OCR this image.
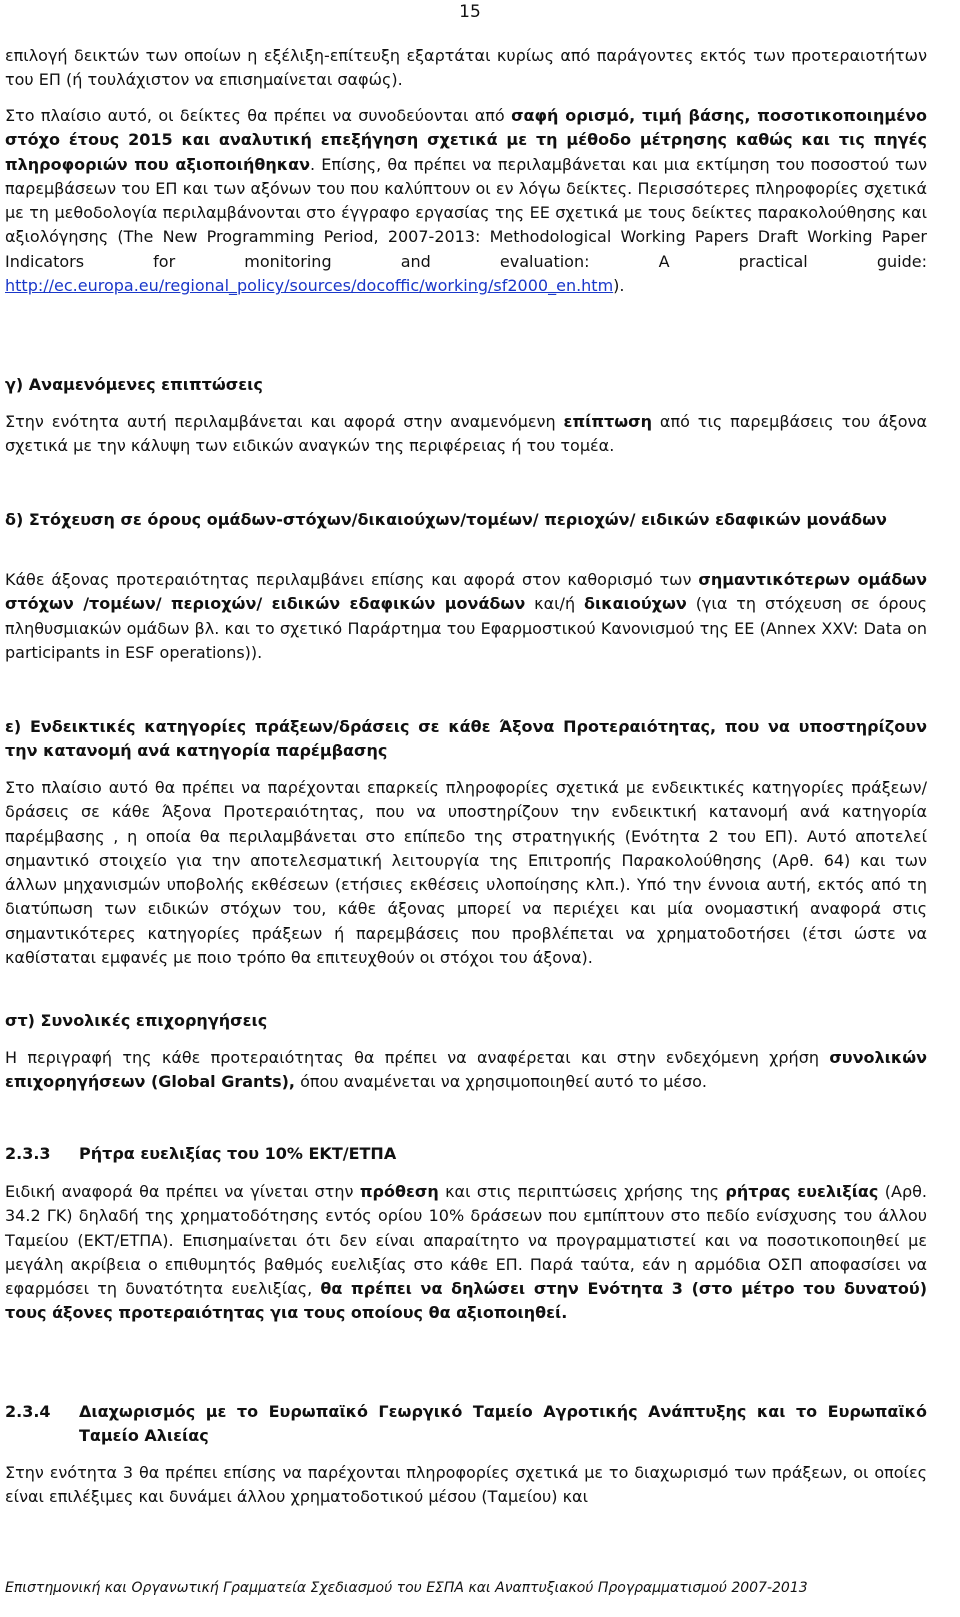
15

επιλογή δεικτών των οποίων η εξέλιξη-επίτευξη εξαρτάται κυρίως από παράγοντες εκτός των προτεραιοτήτων του ΕΠ (ή τουλάχιστον να επισημαίνεται σαφώς).

Στο πλαίσιο αυτό, οι δείκτες θα πρέπει να συνοδεύονται από σαφή ορισμό, τιμή βάσης, ποσοτικοποιημένο στόχο έτους 2015 και αναλυτική επεξήγηση σχετικά με τη μέθοδο μέτρησης καθώς και τις πηγές πληροφοριών που αξιοποιήθηκαν. Επίσης, θα πρέπει να περιλαμβάνεται και μια εκτίμηση του ποσοστού των παρεμβάσεων του ΕΠ και των αξόνων του που καλύπτουν οι εν λόγω δείκτες. Περισσότερες πληροφορίες σχετικά με τη μεθοδολογία περιλαμβάνονται στο έγγραφο εργασίας της ΕΕ σχετικά με τους δείκτες παρακολούθησης και αξιολόγησης (The New Programming Period, 2007-2013: Methodological Working Papers Draft Working Paper Indicators for monitoring and evaluation: A practical guide: http://ec.europa.eu/regional_policy/sources/docoffic/working/sf2000_en.htm).

γ) Αναμενόμενες επιπτώσεις

Στην ενότητα αυτή περιλαμβάνεται και αφορά στην αναμενόμενη επίπτωση από τις παρεμβάσεις του άξονα σχετικά με την κάλυψη των ειδικών αναγκών της περιφέρειας ή του τομέα.

δ) Στόχευση σε όρους ομάδων-στόχων/δικαιούχων/τομέων/ περιοχών/ ειδικών εδαφικών μονάδων

Κάθε άξονας προτεραιότητας περιλαμβάνει επίσης και αφορά στον καθορισμό των σημαντικότερων ομάδων στόχων /τομέων/ περιοχών/ ειδικών εδαφικών μονάδων και/ή δικαιούχων (για τη στόχευση σε όρους πληθυσμιακών ομάδων βλ. και το σχετικό Παράρτημα του Εφαρμοστικού Κανονισμού της ΕΕ (Annex XXV: Data on participants in ESF operations)).

ε) Ενδεικτικές κατηγορίες πράξεων/δράσεις σε κάθε Άξονα Προτεραιότητας, που να υποστηρίζουν την κατανομή ανά κατηγορία παρέμβασης

Στο πλαίσιο αυτό θα πρέπει να παρέχονται επαρκείς πληροφορίες σχετικά με ενδεικτικές κατηγορίες πράξεων/δράσεις σε κάθε Άξονα Προτεραιότητας, που να υποστηρίζουν την ενδεικτική κατανομή ανά κατηγορία παρέμβασης , η οποία θα περιλαμβάνεται στο επίπεδο της στρατηγικής (Ενότητα 2 του ΕΠ). Αυτό αποτελεί σημαντικό στοιχείο για την αποτελεσματική λειτουργία της Επιτροπής Παρακολούθησης (Αρθ. 64) και των άλλων μηχανισμών υποβολής εκθέσεων (ετήσιες εκθέσεις υλοποίησης κλπ.). Υπό την έννοια αυτή, εκτός από τη διατύπωση των ειδικών στόχων του, κάθε άξονας μπορεί να περιέχει και μία ονομαστική αναφορά στις σημαντικότερες κατηγορίες πράξεων ή παρεμβάσεις που προβλέπεται να χρηματοδοτήσει (έτσι ώστε να καθίσταται εμφανές με ποιο τρόπο θα επιτευχθούν οι στόχοι του άξονα).

στ) Συνολικές επιχορηγήσεις

Η περιγραφή της κάθε προτεραιότητας θα πρέπει να αναφέρεται και στην ενδεχόμενη χρήση συνολικών επιχορηγήσεων (Global Grants), όπου αναμένεται να χρησιμοποιηθεί αυτό το μέσο.

2.3.3 Ρήτρα ευελιξίας του 10% ΕΚΤ/ΕΤΠΑ

Ειδική αναφορά θα πρέπει να γίνεται στην πρόθεση και στις περιπτώσεις χρήσης της ρήτρας ευελιξίας (Αρθ. 34.2 ΓΚ) δηλαδή της χρηματοδότησης εντός ορίου 10% δράσεων που εμπίπτουν στο πεδίο ενίσχυσης του άλλου Ταμείου (ΕΚΤ/ΕΤΠΑ). Επισημαίνεται ότι δεν είναι απαραίτητο να προγραμματιστεί και να ποσοτικοποιηθεί με μεγάλη ακρίβεια ο επιθυμητός βαθμός ευελιξίας στο κάθε ΕΠ. Παρά ταύτα, εάν η αρμόδια ΟΣΠ αποφασίσει να εφαρμόσει τη δυνατότητα ευελιξίας, θα πρέπει να δηλώσει στην Ενότητα 3 (στο μέτρο του δυνατού) τους άξονες προτεραιότητας για τους οποίους θα αξιοποιηθεί.

2.3.4 Διαχωρισμός με το Ευρωπαϊκό Γεωργικό Ταμείο Αγροτικής Ανάπτυξης και το Ευρωπαϊκό Ταμείο Αλιείας

Στην ενότητα 3 θα πρέπει επίσης να παρέχονται πληροφορίες σχετικά με το διαχωρισμό των πράξεων, οι οποίες είναι επιλέξιμες και δυνάμει άλλου χρηματοδοτικού μέσου (Ταμείου) και

Επιστημονική και Οργανωτική Γραμματεία Σχεδιασμού του ΕΣΠΑ και Αναπτυξιακού Προγραμματισμού 2007-2013
